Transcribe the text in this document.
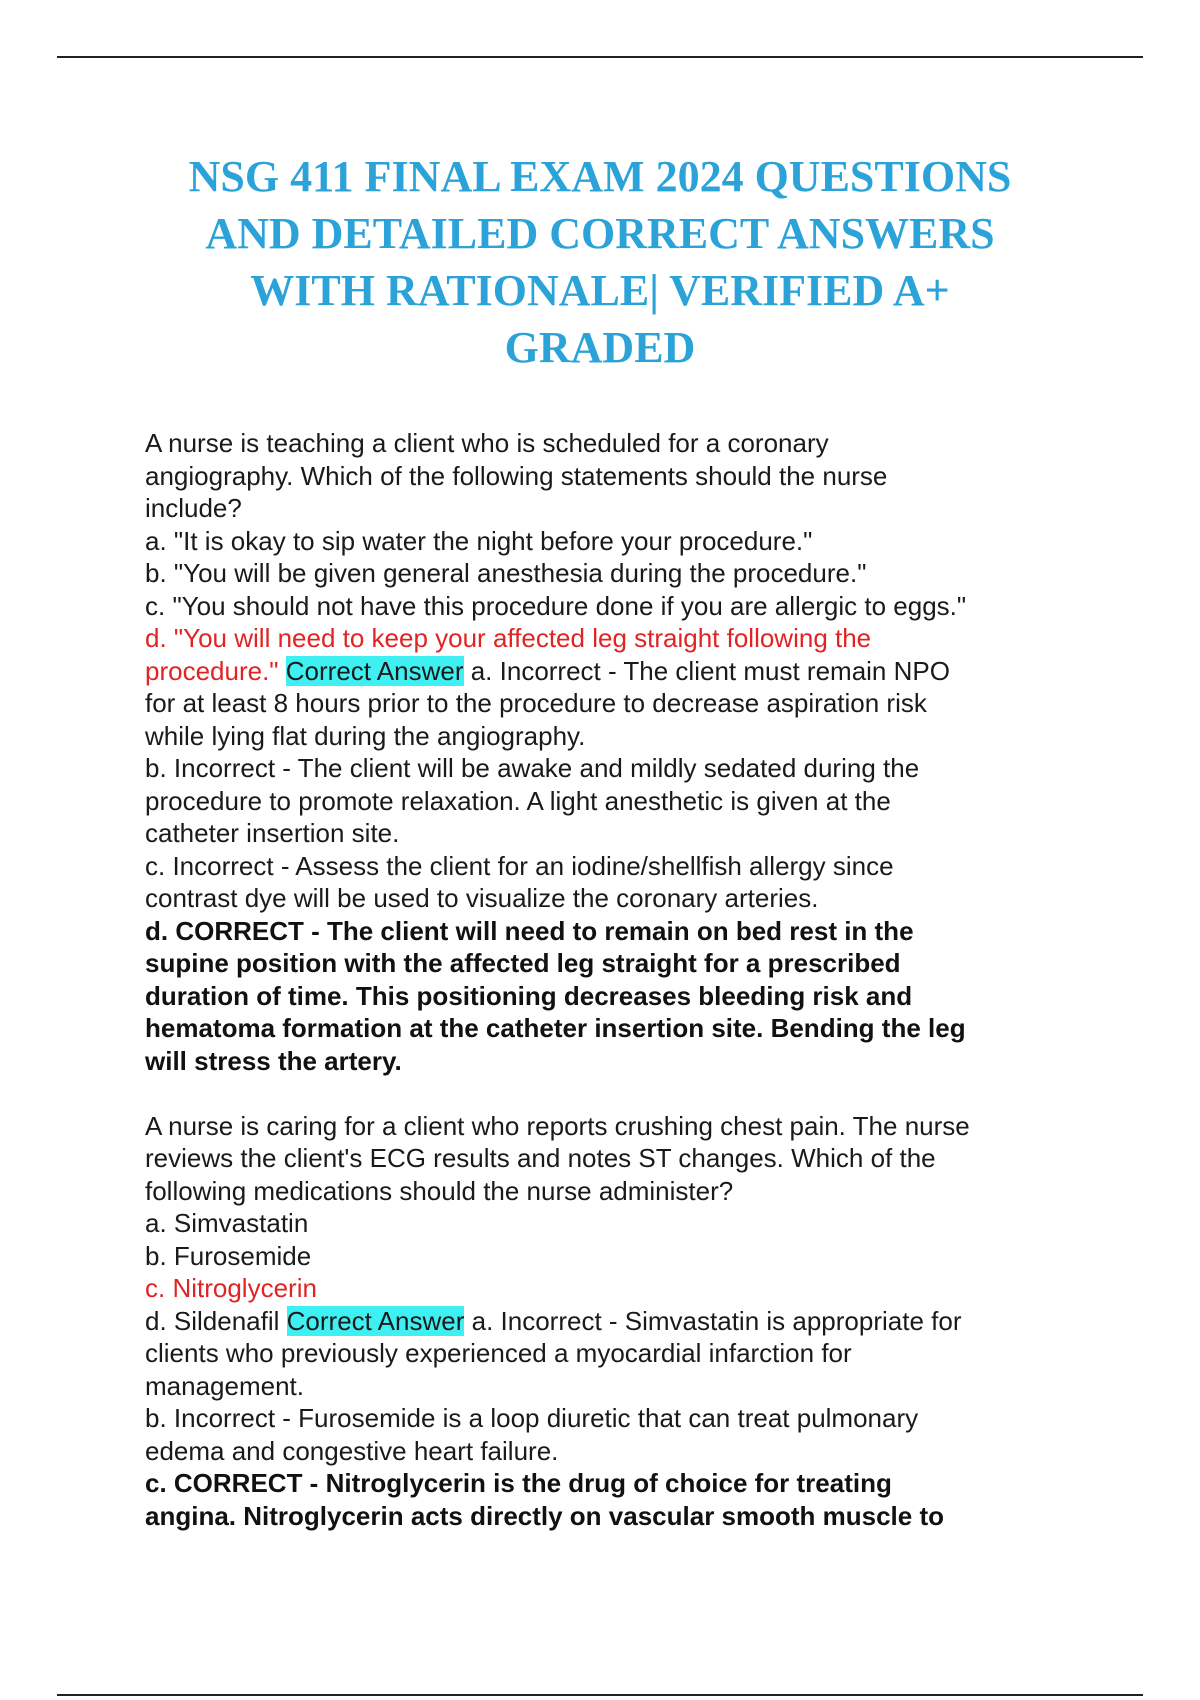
NSG 411 FINAL EXAM 2024 QUESTIONS
AND DETAILED CORRECT ANSWERS
WITH RATIONALE| VERIFIED A+
GRADED
A nurse is teaching a client who is scheduled for a coronary
angiography. Which of the following statements should the nurse
include?
a. "It is okay to sip water the night before your procedure."
b. "You will be given general anesthesia during the procedure."
c. "You should not have this procedure done if you are allergic to eggs."
d. "You will need to keep your affected leg straight following the
procedure." Correct Answer a. Incorrect - The client must remain NPO
for at least 8 hours prior to the procedure to decrease aspiration risk
while lying flat during the angiography.
b. Incorrect - The client will be awake and mildly sedated during the
procedure to promote relaxation. A light anesthetic is given at the
catheter insertion site.
c. Incorrect - Assess the client for an iodine/shellfish allergy since
contrast dye will be used to visualize the coronary arteries.
d. CORRECT - The client will need to remain on bed rest in the
supine position with the affected leg straight for a prescribed
duration of time. This positioning decreases bleeding risk and
hematoma formation at the catheter insertion site. Bending the leg
will stress the artery.
A nurse is caring for a client who reports crushing chest pain. The nurse
reviews the client's ECG results and notes ST changes. Which of the
following medications should the nurse administer?
a. Simvastatin
b. Furosemide
c. Nitroglycerin
d. Sildenafil Correct Answer a. Incorrect - Simvastatin is appropriate for
clients who previously experienced a myocardial infarction for
management.
b. Incorrect - Furosemide is a loop diuretic that can treat pulmonary
edema and congestive heart failure.
c. CORRECT - Nitroglycerin is the drug of choice for treating
angina. Nitroglycerin acts directly on vascular smooth muscle to
